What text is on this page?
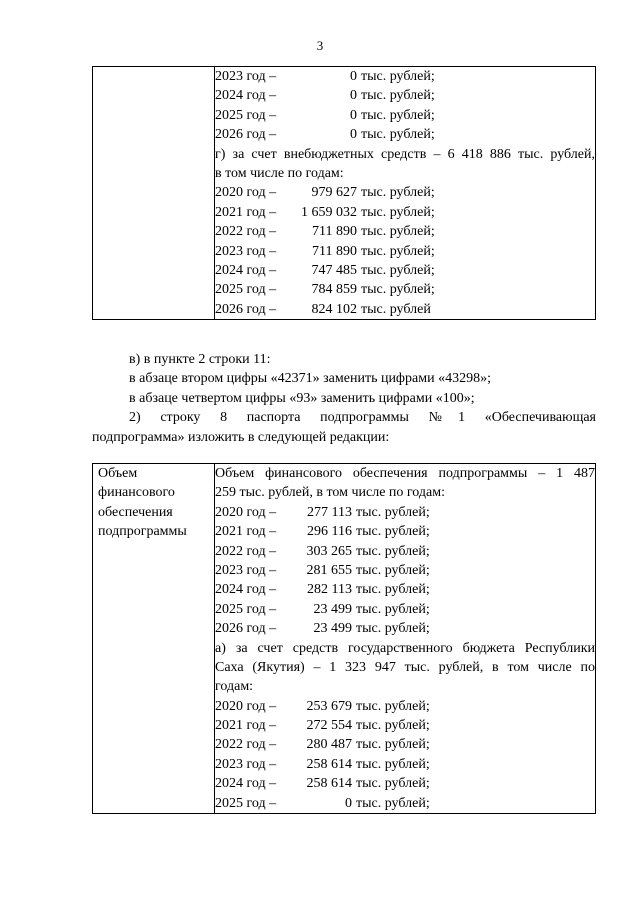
3

2023 год –	0 тыс. рублей;
2024 год –	0 тыс. рублей;
2025 год –	0 тыс. рублей;
2026 год –	0 тыс. рублей;
г) за счет внебюджетных средств – 6 418 886 тыс. рублей,
в том числе по годам:
2020 год –	979 627 тыс. рублей;
2021 год – 1 659 032 тыс. рублей;
2022 год –	711 890 тыс. рублей;
2023 год –	711 890 тыс. рублей;
2024 год –	747 485 тыс. рублей;
2025 год –	784 859 тыс. рублей;
2026 год –	824 102 тыс. рублей
в) в пункте 2 строки 11:
в абзаце втором цифры «42371» заменить цифрами «43298»;
в абзаце четвертом цифры «93» заменить цифрами «100»;
2) строку 8 паспорта подпрограммы №1 «Обеспечивающая
подпрограмма» изложить в следующей редакции:
Объем
финансового
обеспечения
подпрограммы

Объем финансового обеспечения подпрограммы – 1 487
259 тыс. рублей, в том числе по годам:
2020 год – 277 113 тыс. рублей;
2021 год – 296 116 тыс. рублей;
2022 год – 303 265 тыс. рублей;
2023 год – 281 655 тыс. рублей;
2024 год – 282 113 тыс. рублей;
2025 год –	23 499 тыс. рублей;
2026 год –	23 499 тыс. рублей;
а) за счет средств государственного бюджета Республики
Саха (Якутия) – 1 323 947 тыс. рублей, в том числе по
годам:
2020 год – 253 679 тыс. рублей;
2021 год – 272 554 тыс. рублей;
2022 год – 280 487 тыс. рублей;
2023 год – 258 614 тыс. рублей;
2024 год – 258 614 тыс. рублей;
2025 год –	0 тыс. рублей;
